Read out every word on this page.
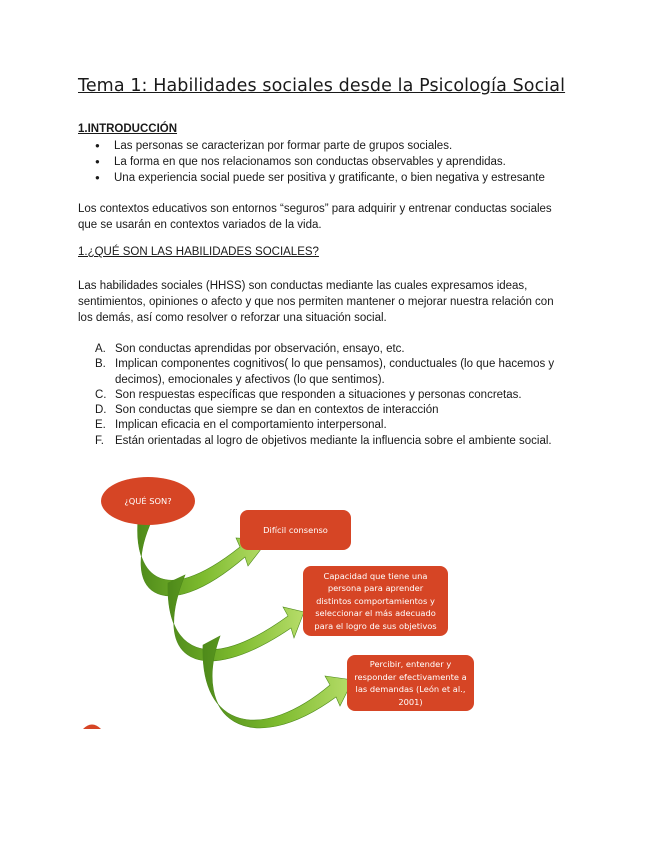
Tema 1: Habilidades sociales desde la Psicología Social
1.INTRODUCCIÓN
● Las personas se caracterizan por formar parte de grupos sociales.
● La forma en que nos relacionamos son conductas observables y aprendidas.
● Una experiencia social puede ser positiva y gratificante, o bien negativa y estresante

Los contextos educativos son entornos “seguros” para adquirir y entrenar conductas sociales
que se usarán en contextos variados de la vida.

1.¿QUÉ SON LAS HABILIDADES SOCIALES?

Las habilidades sociales (HHSS) son conductas mediante las cuales expresamos ideas,
sentimientos, opiniones o afecto y que nos permiten mantener o mejorar nuestra relación con
los demás, así como resolver o reforzar una situación social.

A. Son conductas aprendidas por observación, ensayo, etc.
B. Implican componentes cognitivos( lo que pensamos), conductuales (lo que hacemos y decimos), emocionales y afectivos (lo que sentimos).
C. Son respuestas específicas que responden a situaciones y personas concretas.
D. Son conductas que siempre se dan en contextos de interacción
E. Implican eficacia en el comportamiento interpersonal.
F. Están orientadas al logro de objetivos mediante la influencia sobre el ambiente social.
¿QUÉ SON?
Difícil consenso
Capacidad que tiene una persona para aprender distintos comportamientos y seleccionar el más adecuado para el logro de sus objetivos
Percibir, entender y responder efectivamente a las demandas (León et al., 2001)
